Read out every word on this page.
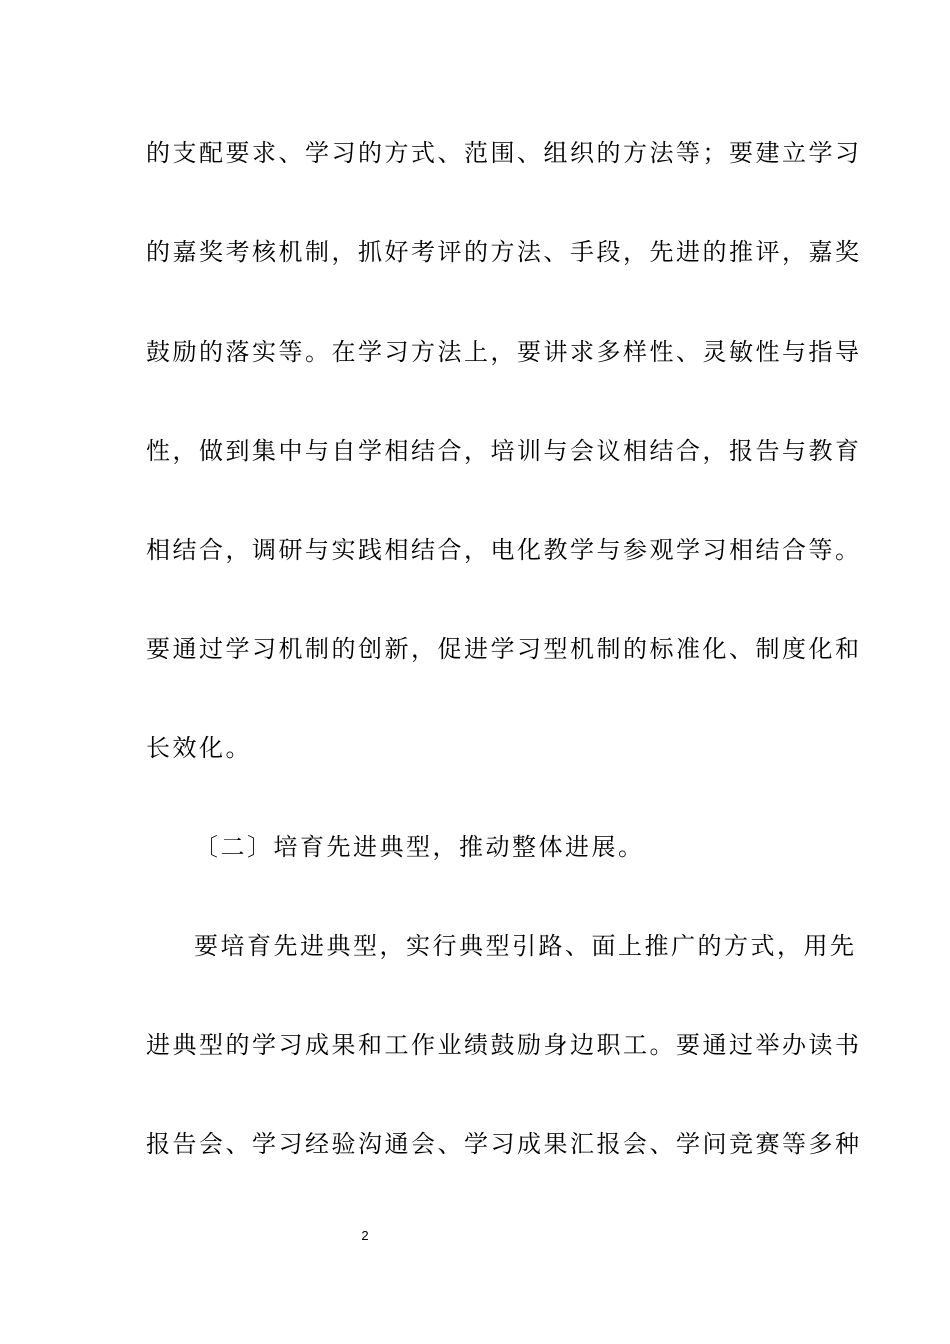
的支配要求、学习的方式、范围、组织的方法等；要建立学习
的嘉奖考核机制，抓好考评的方法、手段，先进的推评，嘉奖
鼓励的落实等。在学习方法上，要讲求多样性、灵敏性与指导
性，做到集中与自学相结合，培训与会议相结合，报告与教育
相结合，调研与实践相结合，电化教学与参观学习相结合等。
要通过学习机制的创新，促进学习型机制的标准化、制度化和
长效化。
〔二〕培育先进典型，推动整体进展。
要培育先进典型，实行典型引路、面上推广的方式，用先
进典型的学习成果和工作业绩鼓励身边职工。要通过举办读书
报告会、学习经验沟通会、学习成果汇报会、学问竞赛等多种
2
